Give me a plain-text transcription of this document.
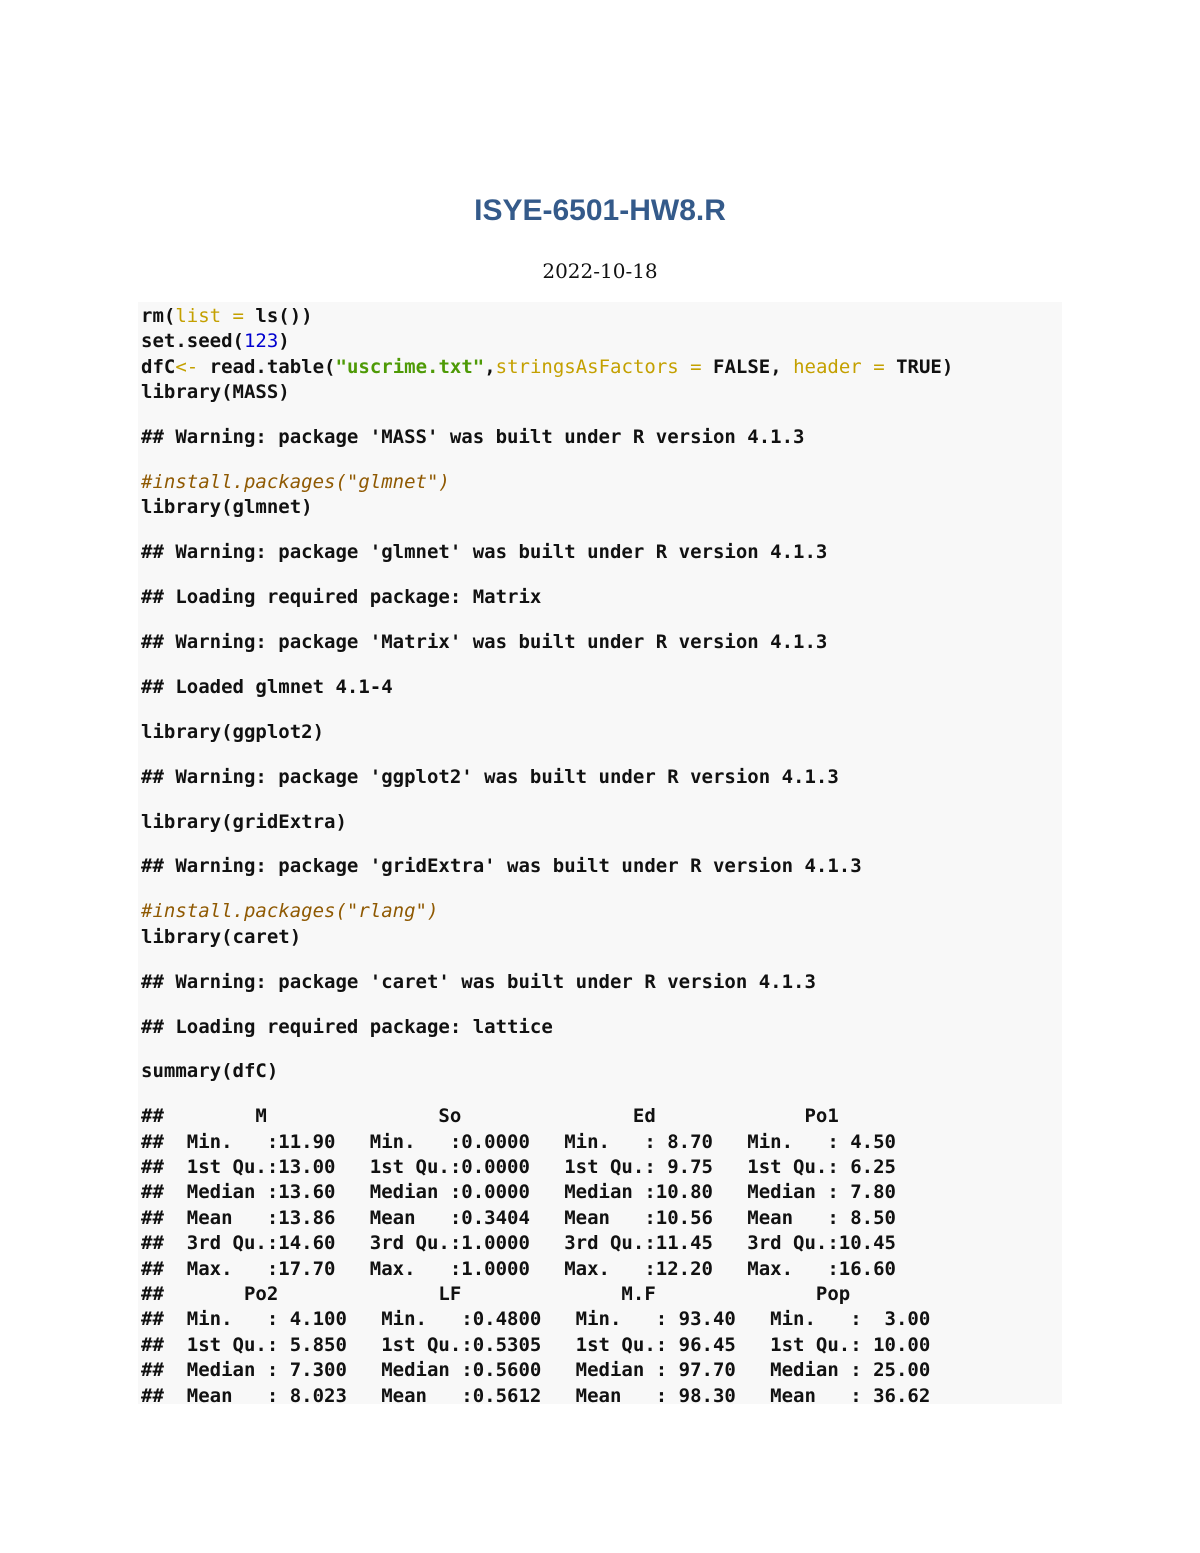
ISYE-6501-HW8.R
2022-10-18
rm(list = ls())
set.seed(123)
dfC<- read.table("uscrime.txt",stringsAsFactors = FALSE, header = TRUE)
library(MASS)
## Warning: package 'MASS' was built under R version 4.1.3
#install.packages("glmnet")
library(glmnet)
## Warning: package 'glmnet' was built under R version 4.1.3
## Loading required package: Matrix
## Warning: package 'Matrix' was built under R version 4.1.3
## Loaded glmnet 4.1-4
library(ggplot2)
## Warning: package 'ggplot2' was built under R version 4.1.3
library(gridExtra)
## Warning: package 'gridExtra' was built under R version 4.1.3
#install.packages("rlang")
library(caret)
## Warning: package 'caret' was built under R version 4.1.3
## Loading required package: lattice
summary(dfC)
##        M               So               Ed             Po1
##  Min.   :11.90   Min.   :0.0000   Min.   : 8.70   Min.   : 4.50
##  1st Qu.:13.00   1st Qu.:0.0000   1st Qu.: 9.75   1st Qu.: 6.25
##  Median :13.60   Median :0.0000   Median :10.80   Median : 7.80
##  Mean   :13.86   Mean   :0.3404   Mean   :10.56   Mean   : 8.50
##  3rd Qu.:14.60   3rd Qu.:1.0000   3rd Qu.:11.45   3rd Qu.:10.45
##  Max.   :17.70   Max.   :1.0000   Max.   :12.20   Max.   :16.60
##       Po2              LF              M.F              Pop
##  Min.   : 4.100   Min.   :0.4800   Min.   : 93.40   Min.   :  3.00
##  1st Qu.: 5.850   1st Qu.:0.5305   1st Qu.: 96.45   1st Qu.: 10.00
##  Median : 7.300   Median :0.5600   Median : 97.70   Median : 25.00
##  Mean   : 8.023   Mean   :0.5612   Mean   : 98.30   Mean   : 36.62
